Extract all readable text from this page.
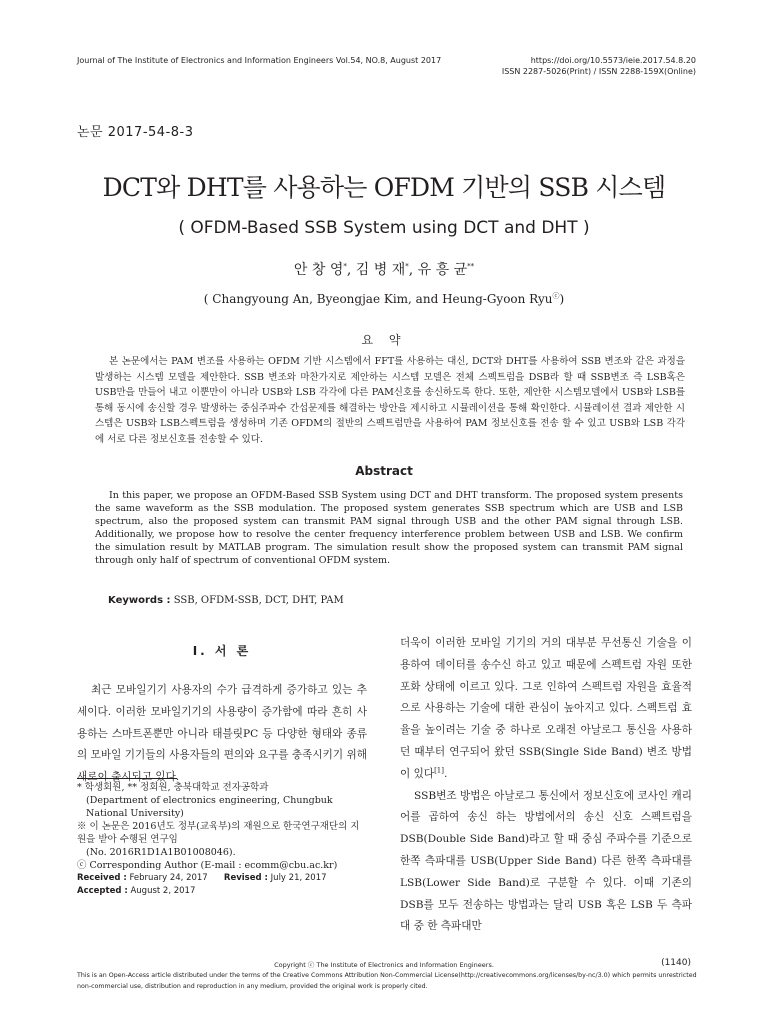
Journal of The Institute of Electronics and Information Engineers Vol.54, NO.8, August 2017	https://doi.org/10.5573/ieie.2017.54.8.20
ISSN 2287-5026(Print) / ISSN 2288-159X(Online)
논문 2017-54-8-3
DCT와 DHT를 사용하는 OFDM 기반의 SSB 시스템
( OFDM-Based SSB System using DCT and DHT )
안 창 영*, 김 병 재*, 유 흥 균**
( Changyoung An, Byeongjae Kim, and Heung-Gyoon Ryuⓒ)
요 약
본 논문에서는 PAM 변조를 사용하는 OFDM 기반 시스템에서 FFT를 사용하는 대신, DCT와 DHT를 사용하여 SSB 변조와 같은 과정을 발생하는 시스템 모델을 제안한다. SSB 변조와 마찬가지로 제안하는 시스템 모델은 전체 스펙트럼을 DSB라 할 때 SSB변조 즉 LSB혹은 USB만을 만들어 내고 이뿐만이 아니라 USB와 LSB 각각에 다른 PAM신호를 송신하도록 한다. 또한, 제안한 시스템모델에서 USB와 LSB를 통해 동시에 송신할 경우 발생하는 중심주파수 간섭문제를 해결하는 방안을 제시하고 시뮬레이션을 통해 확인한다. 시뮬레이션 결과 제안한 시스템은 USB와 LSB스펙트럼을 생성하며 기존 OFDM의 절반의 스펙트럼만을 사용하여 PAM 정보신호를 전송 할 수 있고 USB와 LSB 각각에 서로 다른 정보신호를 전송할 수 있다.
Abstract
In this paper, we propose an OFDM-Based SSB System using DCT and DHT transform. The proposed system presents the same waveform as the SSB modulation. The proposed system generates SSB spectrum which are USB and LSB spectrum, also the proposed system can transmit PAM signal through USB and the other PAM signal through LSB. Additionally, we propose how to resolve the center frequency interference problem between USB and LSB. We confirm the simulation result by MATLAB program. The simulation result show the proposed system can transmit PAM signal through only half of spectrum of conventional OFDM system.
Keywords : SSB, OFDM-SSB, DCT, DHT, PAM
I. 서 론
최근 모바일기기 사용자의 수가 급격하게 증가하고 있는 추세이다. 이러한 모바일기기의 사용량이 증가함에 따라 흔히 사용하는 스마트폰뿐만 아니라 태블릿PC 등 다양한 형태와 종류의 모바일 기기들의 사용자들의 편의와 요구를 충족시키기 위해 새로이 출시되고 있다.

* 학생회원, ** 정회원, 충북대학교 전자공학과

(Department of electronics engineering, Chungbuk National University)

※ 이 논문은 2016년도 정부(교육부)의 재원으로 한국연구재단의 지원을 받아 수행된 연구임

(No. 2016R1D1A1B01008046).

ⓒ Corresponding Author (E-mail : ecomm@cbu.ac.kr)

Received : February 24, 2017 Revised : July 21, 2017

Accepted : August 2, 2017

더욱이 이러한 모바일 기기의 거의 대부분 무선통신 기술을 이용하여 데이터를 송수신 하고 있고 때문에 스펙트럼 자원 또한 포화 상태에 이르고 있다. 그로 인하여 스펙트럼 자원을 효율적으로 사용하는 기술에 대한 관심이 높아지고 있다. 스펙트럼 효율을 높이려는 기술 중 하나로 오래전 아날로그 통신을 사용하던 때부터 연구되어 왔던 SSB(Single Side Band) 변조 방법이 있다[1].

SSB변조 방법은 아날로그 통신에서 정보신호에 코사인 캐리어를 곱하여 송신 하는 방법에서의 송신 신호 스펙트럼을 DSB(Double Side Band)라고 할 때 중심 주파수를 기준으로 한쪽 측파대를 USB(Upper Side Band) 다른 한쪽 측파대를 LSB(Lower Side Band)로 구분할 수 있다. 이때 기존의 DSB를 모두 전송하는 방법과는 달리 USB 혹은 LSB 두 측파대 중 한 측파대만

Copyright ⓒ The Institute of Electronics and Information Engineers.	(1140)
This is an Open-Access article distributed under the terms of the Creative Commons Attribution Non-Commercial License(http://creativecommons.org/licenses/by-nc/3.0) which permits unrestricted non-commercial use, distribution and reproduction in any medium, provided the original work is properly cited.
